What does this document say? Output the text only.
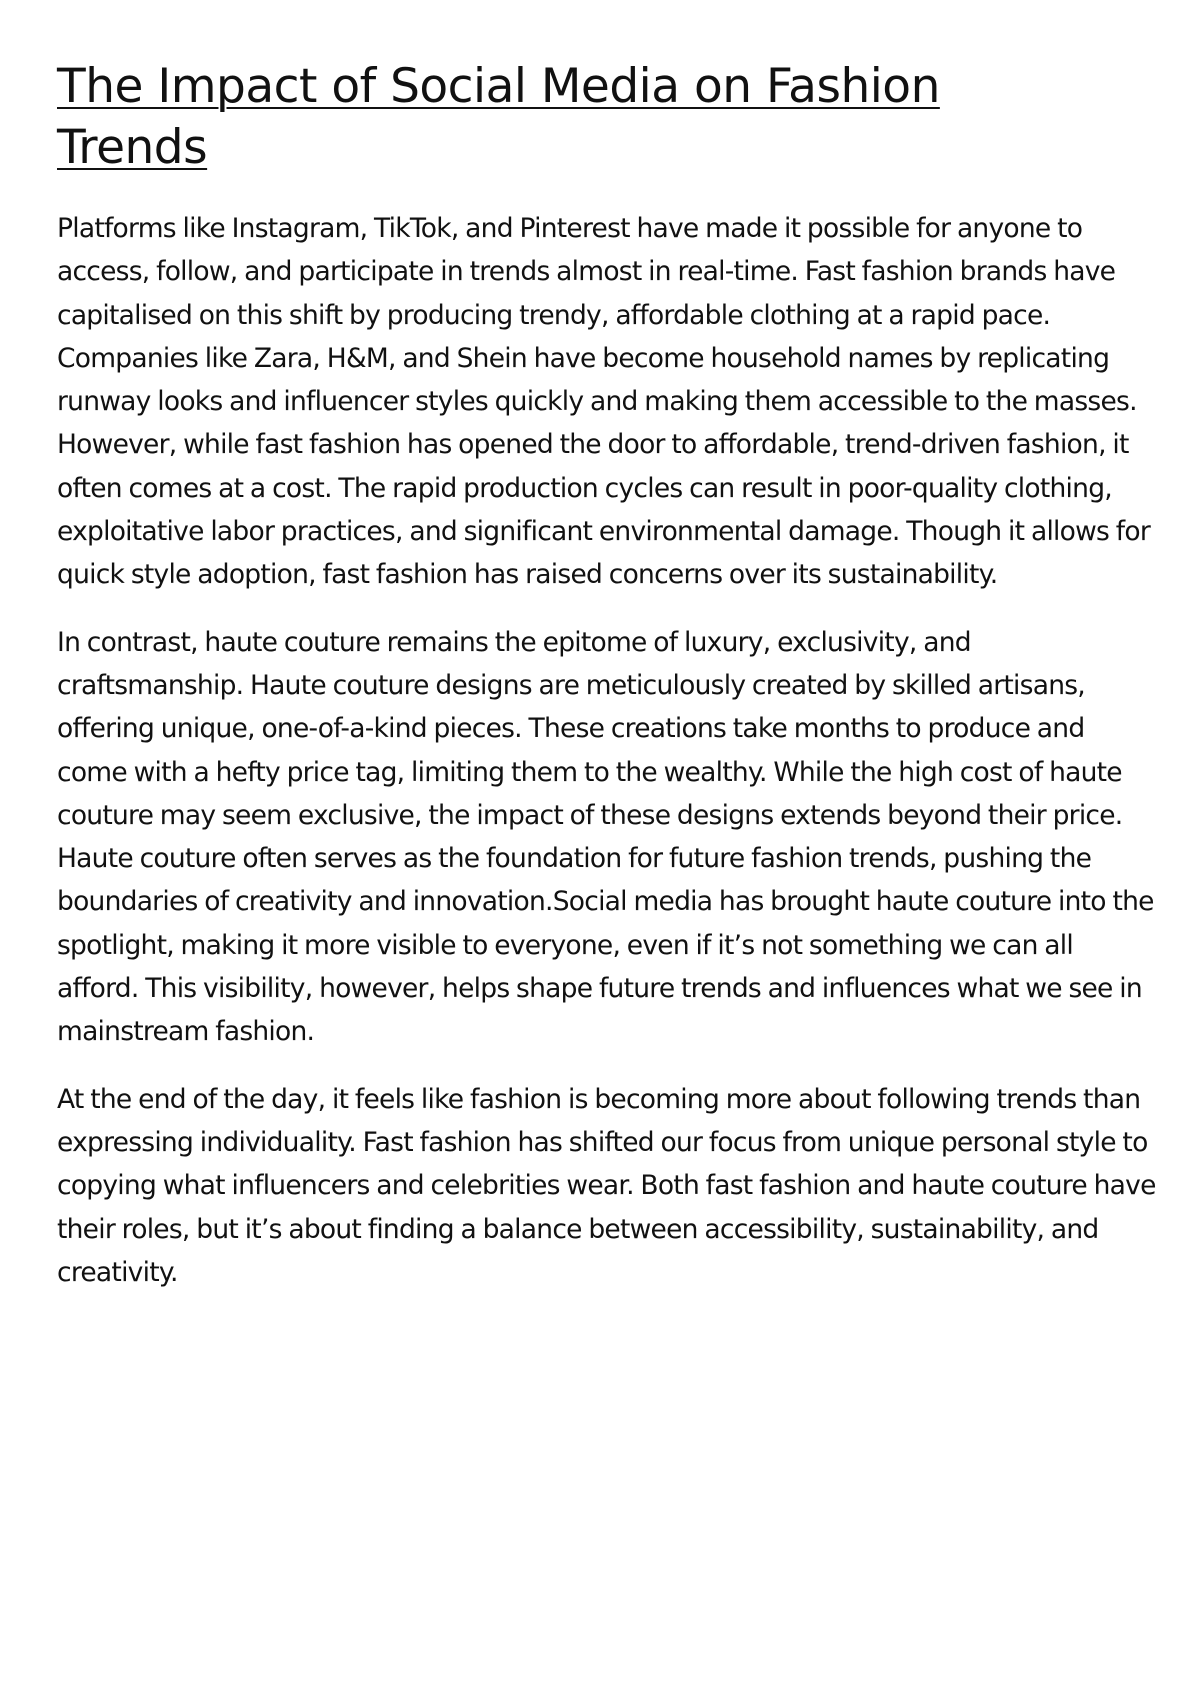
The Impact of Social Media on Fashion Trends

Platforms like Instagram, TikTok, and Pinterest have made it possible for anyone to access, follow, and participate in trends almost in real-time. Fast fashion brands have capitalised on this shift by producing trendy, affordable clothing at a rapid pace. Companies like Zara, H&M, and Shein have become household names by replicating runway looks and influencer styles quickly and making them accessible to the masses. However, while fast fashion has opened the door to affordable, trend-driven fashion, it often comes at a cost. The rapid production cycles can result in poor-quality clothing, exploitative labor practices, and significant environmental damage. Though it allows for quick style adoption, fast fashion has raised concerns over its sustainability.

In contrast, haute couture remains the epitome of luxury, exclusivity, and craftsmanship. Haute couture designs are meticulously created by skilled artisans, offering unique, one-of-a-kind pieces. These creations take months to produce and come with a hefty price tag, limiting them to the wealthy. While the high cost of haute couture may seem exclusive, the impact of these designs extends beyond their price. Haute couture often serves as the foundation for future fashion trends, pushing the boundaries of creativity and innovation.Social media has brought haute couture into the spotlight, making it more visible to everyone, even if it’s not something we can all afford. This visibility, however, helps shape future trends and influences what we see in mainstream fashion.

At the end of the day, it feels like fashion is becoming more about following trends than expressing individuality. Fast fashion has shifted our focus from unique personal style to copying what influencers and celebrities wear. Both fast fashion and haute couture have their roles, but it’s about finding a balance between accessibility, sustainability, and creativity.
